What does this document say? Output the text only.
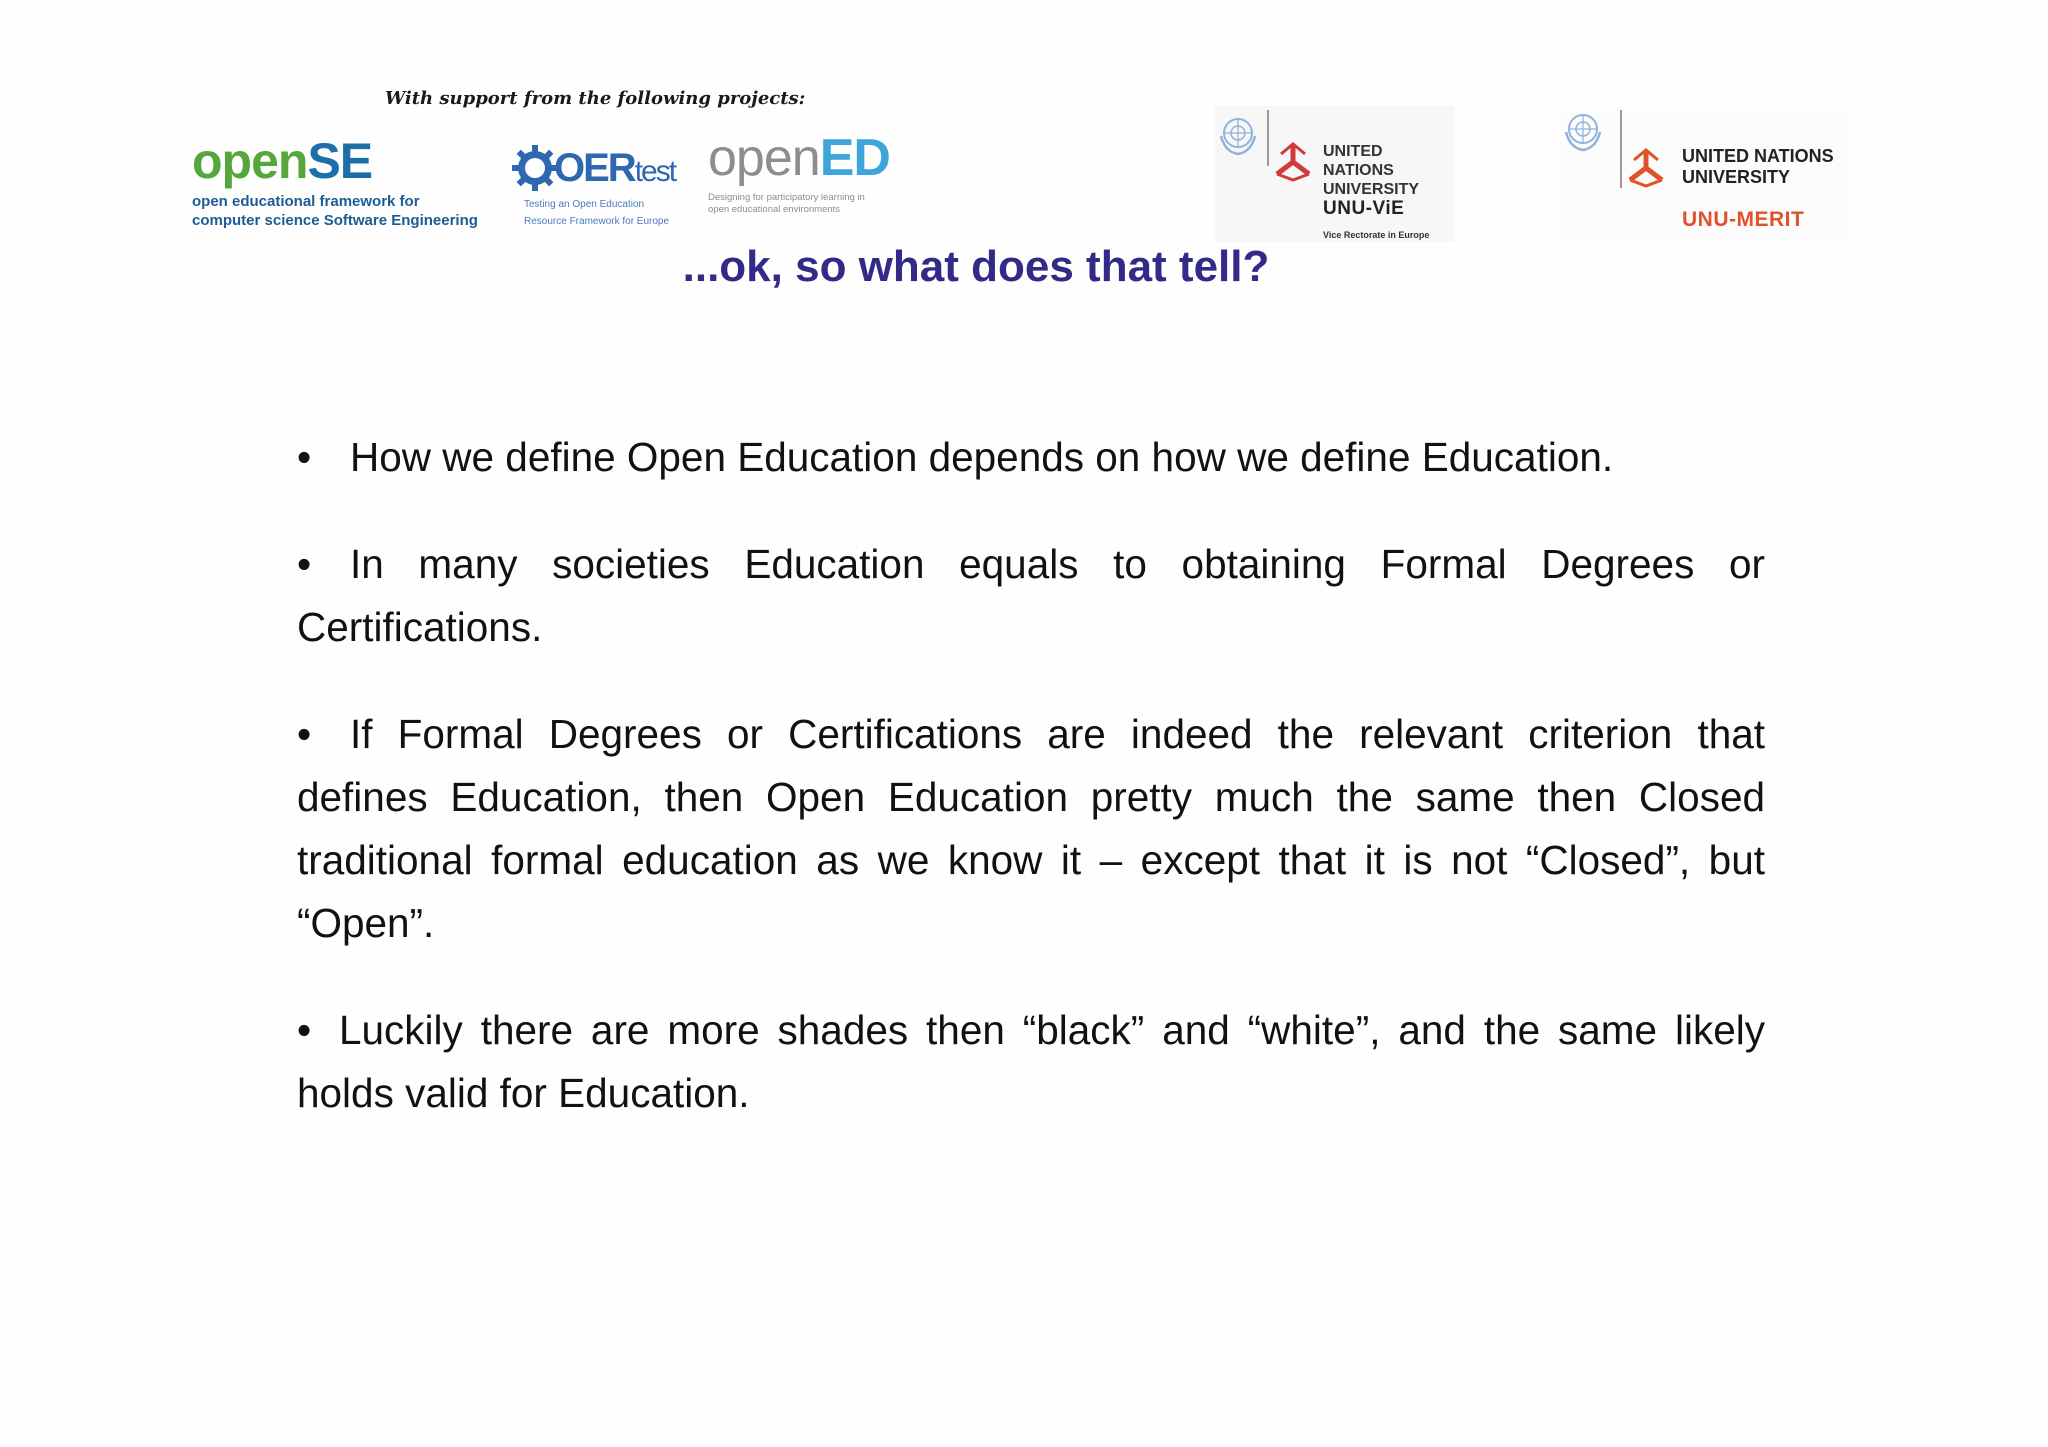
With support from the following projects:
openSE
open educational framework for
computer science Software Engineering
OERtest
Testing an Open Education
Resource Framework for Europe
openED
Designing for participatory learning in
open educational environments
UNITED NATIONS
UNIVERSITY
UNU-ViE
Vice Rectorate in Europe
UNITED NATIONS
UNIVERSITY
UNU-MERIT
...ok, so what does that tell?

• How we define Open Education depends on how we define Education.

• In many societies Education equals to obtaining Formal Degrees or Certifications.

• If Formal Degrees or Certifications are indeed the relevant criterion that defines Education, then Open Education pretty much the same then Closed traditional formal education as we know it – except that it is not “Closed”, but “Open”.

• Luckily there are more shades then “black” and “white”, and the same likely holds valid for Education.
